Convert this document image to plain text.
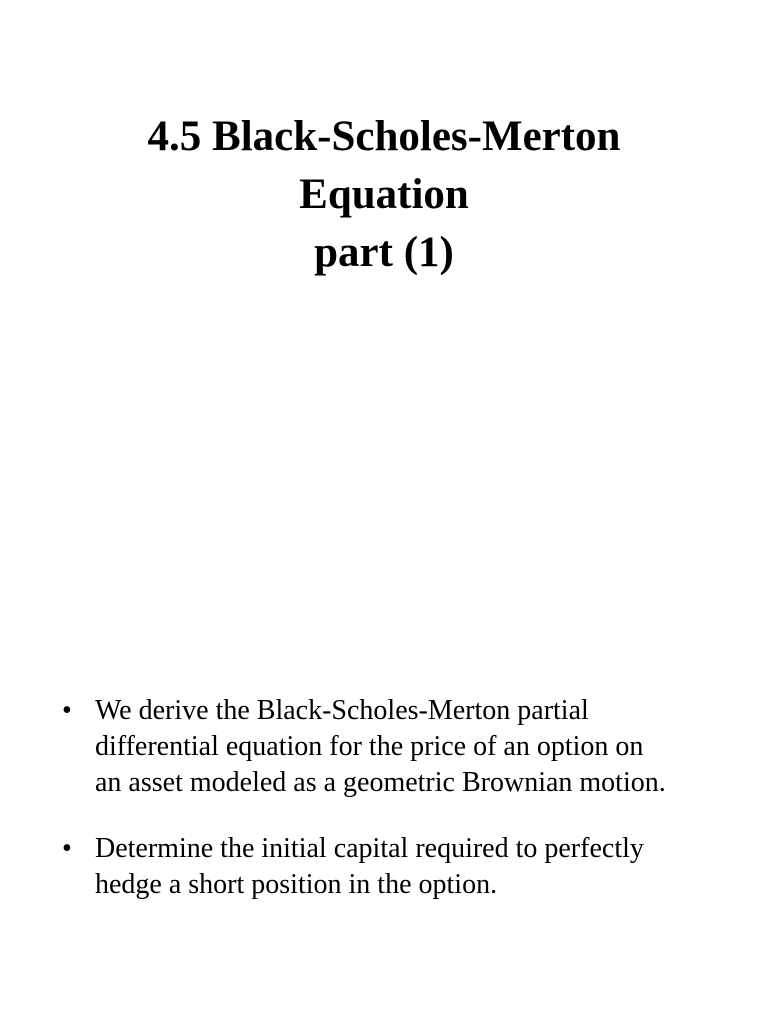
4.5 Black-Scholes-Merton
Equation
part (1)
• We derive the Black-Scholes-Merton partial
differential equation for the price of an option on
an asset modeled as a geometric Brownian motion.
• Determine the initial capital required to perfectly
hedge a short position in the option.
